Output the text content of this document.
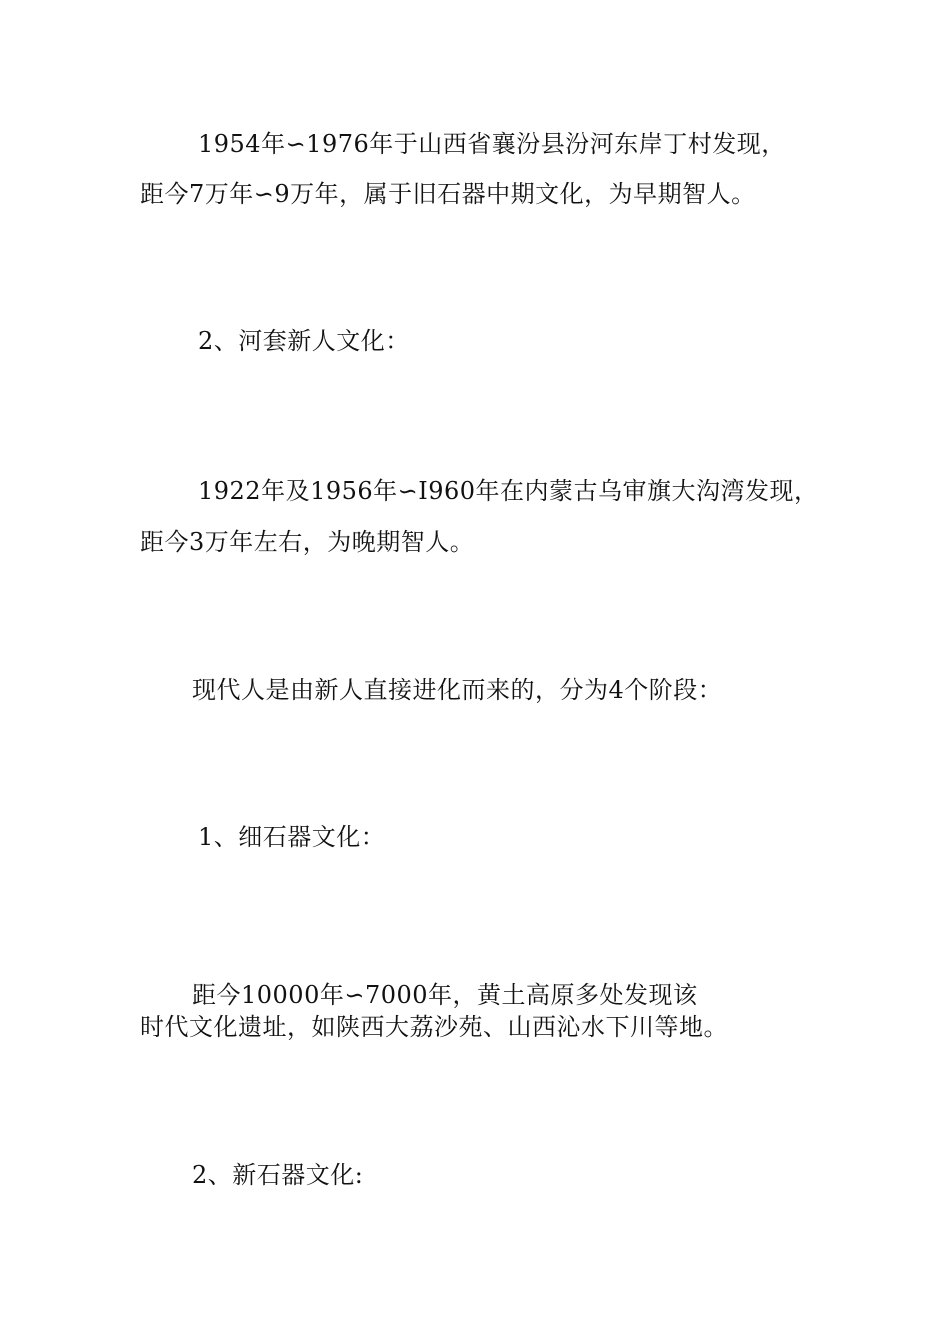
1954年∽1976年于山西省襄汾县汾河东岸丁村发现，
距今7万年∽9万年，属于旧石器中期文化，为早期智人。
2、河套新人文化：
1922年及1956年∽I960年在内蒙古乌审旗大沟湾发现，
距今3万年左右，为晚期智人。
现代人是由新人直接进化而来的，分为4个阶段：
1、细石器文化：
距今10000年∽7000年，黄土高原多处发现该
时代文化遗址，如陕西大荔沙苑、山西沁水下川等地。
2、新石器文化:
